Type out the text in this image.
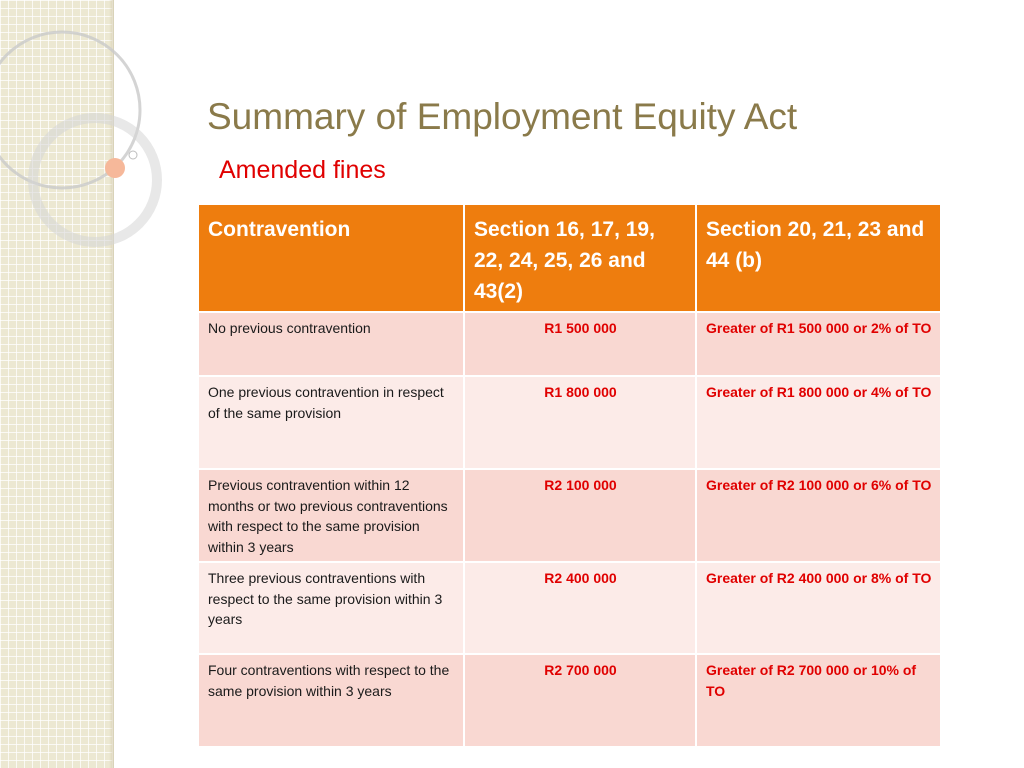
Summary of Employment Equity Act
Amended fines
Contravention	Section 16, 17, 19, 22, 24, 25, 26 and 43(2)	Section 20, 21, 23 and 44 (b)
No previous contravention	R1 500 000	Greater of R1 500 000 or 2% of TO
One previous contravention in respect of the same provision	R1 800 000	Greater of R1 800 000 or 4% of TO
Previous contravention within 12 months or two previous contraventions with respect to the same provision within 3 years	R2 100 000	Greater of R2 100 000 or 6% of TO
Three previous contraventions with respect to the same provision within 3 years	R2 400 000	Greater of R2 400 000 or 8% of TO
Four contraventions with respect to the same provision within 3 years	R2 700 000	Greater of R2 700 000 or 10% of TO
